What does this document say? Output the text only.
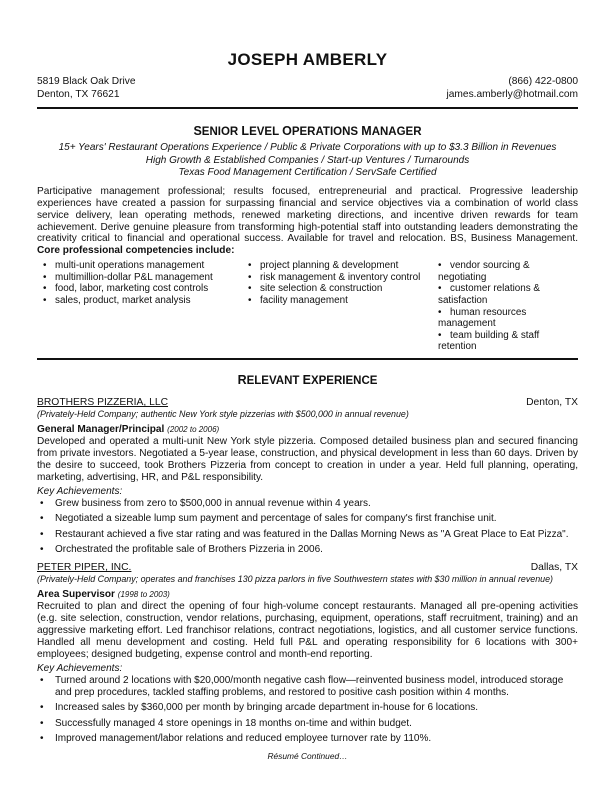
JOSEPH AMBERLY
5819 Black Oak Drive
Denton, TX 76621
(866) 422-0800
james.amberly@hotmail.com
SENIOR LEVEL OPERATIONS MANAGER
15+ Years' Restaurant Operations Experience / Public & Private Corporations with up to $3.3 Billion in Revenues
High Growth & Established Companies / Start-up Ventures / Turnarounds
Texas Food Management Certification / ServSafe Certified

Participative management professional; results focused, entrepreneurial and practical. Progressive leadership experiences have created a passion for surpassing financial and service objectives via a combination of world class service delivery, lean operating methods, renewed marketing directions, and incentive driven rewards for team achievement. Derive genuine pleasure from transforming high-potential staff into outstanding leaders demonstrating the creativity critical to financial and operational success. Available for travel and relocation. BS, Business Management. Core professional competencies include:

• multi-unit operations management
• multimillion-dollar P&L management
• food, labor, marketing cost controls
• sales, product, market analysis
• project planning & development
• risk management & inventory control
• site selection & construction
• facility management
• vendor sourcing & negotiating
• customer relations & satisfaction
• human resources management
• team building & staff retention
RELEVANT EXPERIENCE
BROTHERS PIZZERIA, LLC	Denton, TX
(Privately-Held Company; authentic New York style pizzerias with $500,000 in annual revenue)
General Manager/Principal (2002 to 2006)

Developed and operated a multi-unit New York style pizzeria. Composed detailed business plan and secured financing from private investors. Negotiated a 5-year lease, construction, and physical development in less than 60 days. Driven by the desire to succeed, took Brothers Pizzeria from concept to creation in under a year. Held full planning, operating, marketing, advertising, HR, and P&L responsibility.

Key Achievements:
• Grew business from zero to $500,000 in annual revenue within 4 years.
• Negotiated a sizeable lump sum payment and percentage of sales for company's first franchise unit.
• Restaurant achieved a five star rating and was featured in the Dallas Morning News as "A Great Place to Eat Pizza".
• Orchestrated the profitable sale of Brothers Pizzeria in 2006.
PETER PIPER, INC.	Dallas, TX
(Privately-Held Company; operates and franchises 130 pizza parlors in five Southwestern states with $30 million in annual revenue)
Area Supervisor (1998 to 2003)

Recruited to plan and direct the opening of four high-volume concept restaurants. Managed all pre-opening activities (e.g. site selection, construction, vendor relations, purchasing, equipment, operations, staff recruitment, training) and an aggressive marketing effort. Led franchisor relations, contract negotiations, logistics, and all customer service functions. Handled all menu development and costing. Held full P&L and operating responsibility for 6 locations with 300+ employees; designed budgeting, expense control and month-end reporting.

Key Achievements:
• Turned around 2 locations with $20,000/month negative cash flow—reinvented business model, introduced storage and prep procedures, tackled staffing problems, and restored to positive cash position within 4 months.
• Increased sales by $360,000 per month by bringing arcade department in-house for 6 locations.
• Successfully managed 4 store openings in 18 months on-time and within budget.
• Improved management/labor relations and reduced employee turnover rate by 110%.
Résumé Continued…
